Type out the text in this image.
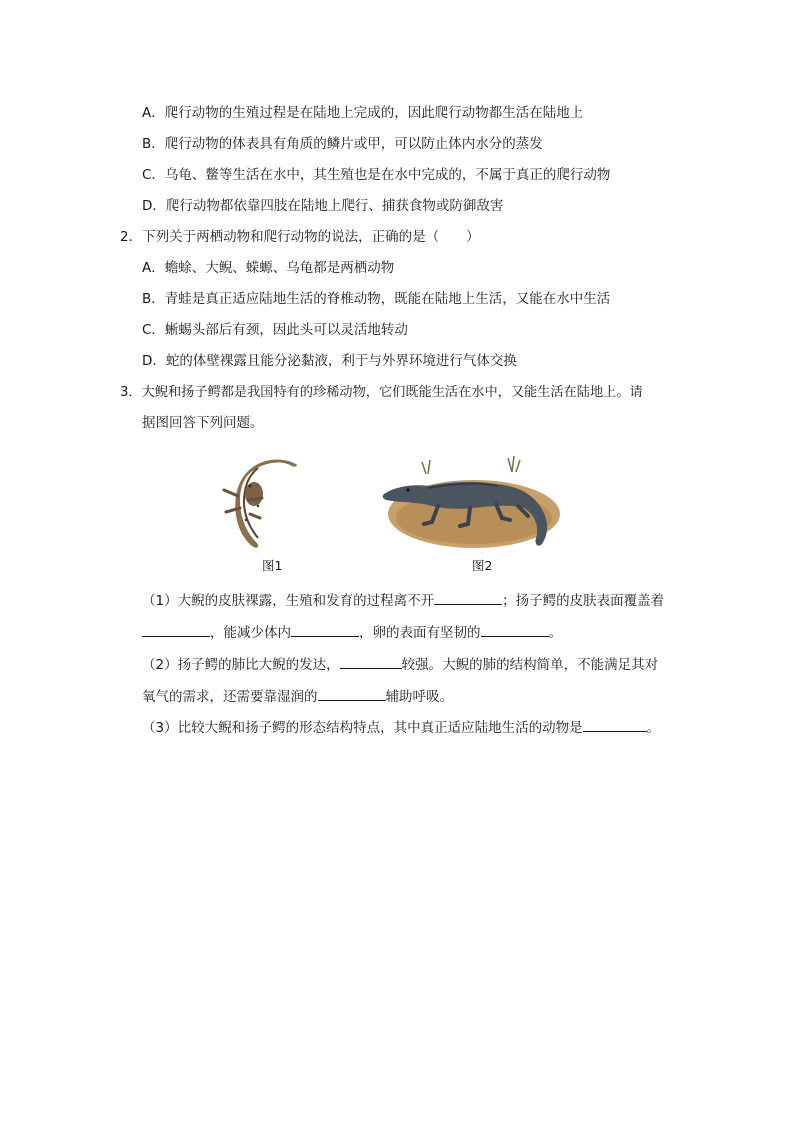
A．爬行动物的生殖过程是在陆地上完成的，因此爬行动物都生活在陆地上
B．爬行动物的体表具有角质的鳞片或甲，可以防止体内水分的蒸发
C．乌龟、鳖等生活在水中，其生殖也是在水中完成的，不属于真正的爬行动物
D．爬行动物都依靠四肢在陆地上爬行、捕获食物或防御敌害
2．下列关于两栖动物和爬行动物的说法，正确的是（　　）
A．蟾蜍、大鲵、蝾螈、乌龟都是两栖动物
B．青蛙是真正适应陆地生活的脊椎动物，既能在陆地上生活，又能在水中生活
C．蜥蜴头部后有颈，因此头可以灵活地转动
D．蛇的体壁裸露且能分泌黏液，利于与外界环境进行气体交换
3．大鲵和扬子鳄都是我国特有的珍稀动物，它们既能生活在水中，又能生活在陆地上。请
据图回答下列问题。
图1	图2
（1）大鲵的皮肤裸露，生殖和发育的过程离不开	；扬子鳄的皮肤表面覆盖着
，能减少体内	，卵的表面有坚韧的	。
（2）扬子鳄的肺比大鲵的发达，	较强。大鲵的肺的结构简单，不能满足其对
氧气的需求，还需要靠湿润的	辅助呼吸。
（3）比较大鲵和扬子鳄的形态结构特点，其中真正适应陆地生活的动物是	。
